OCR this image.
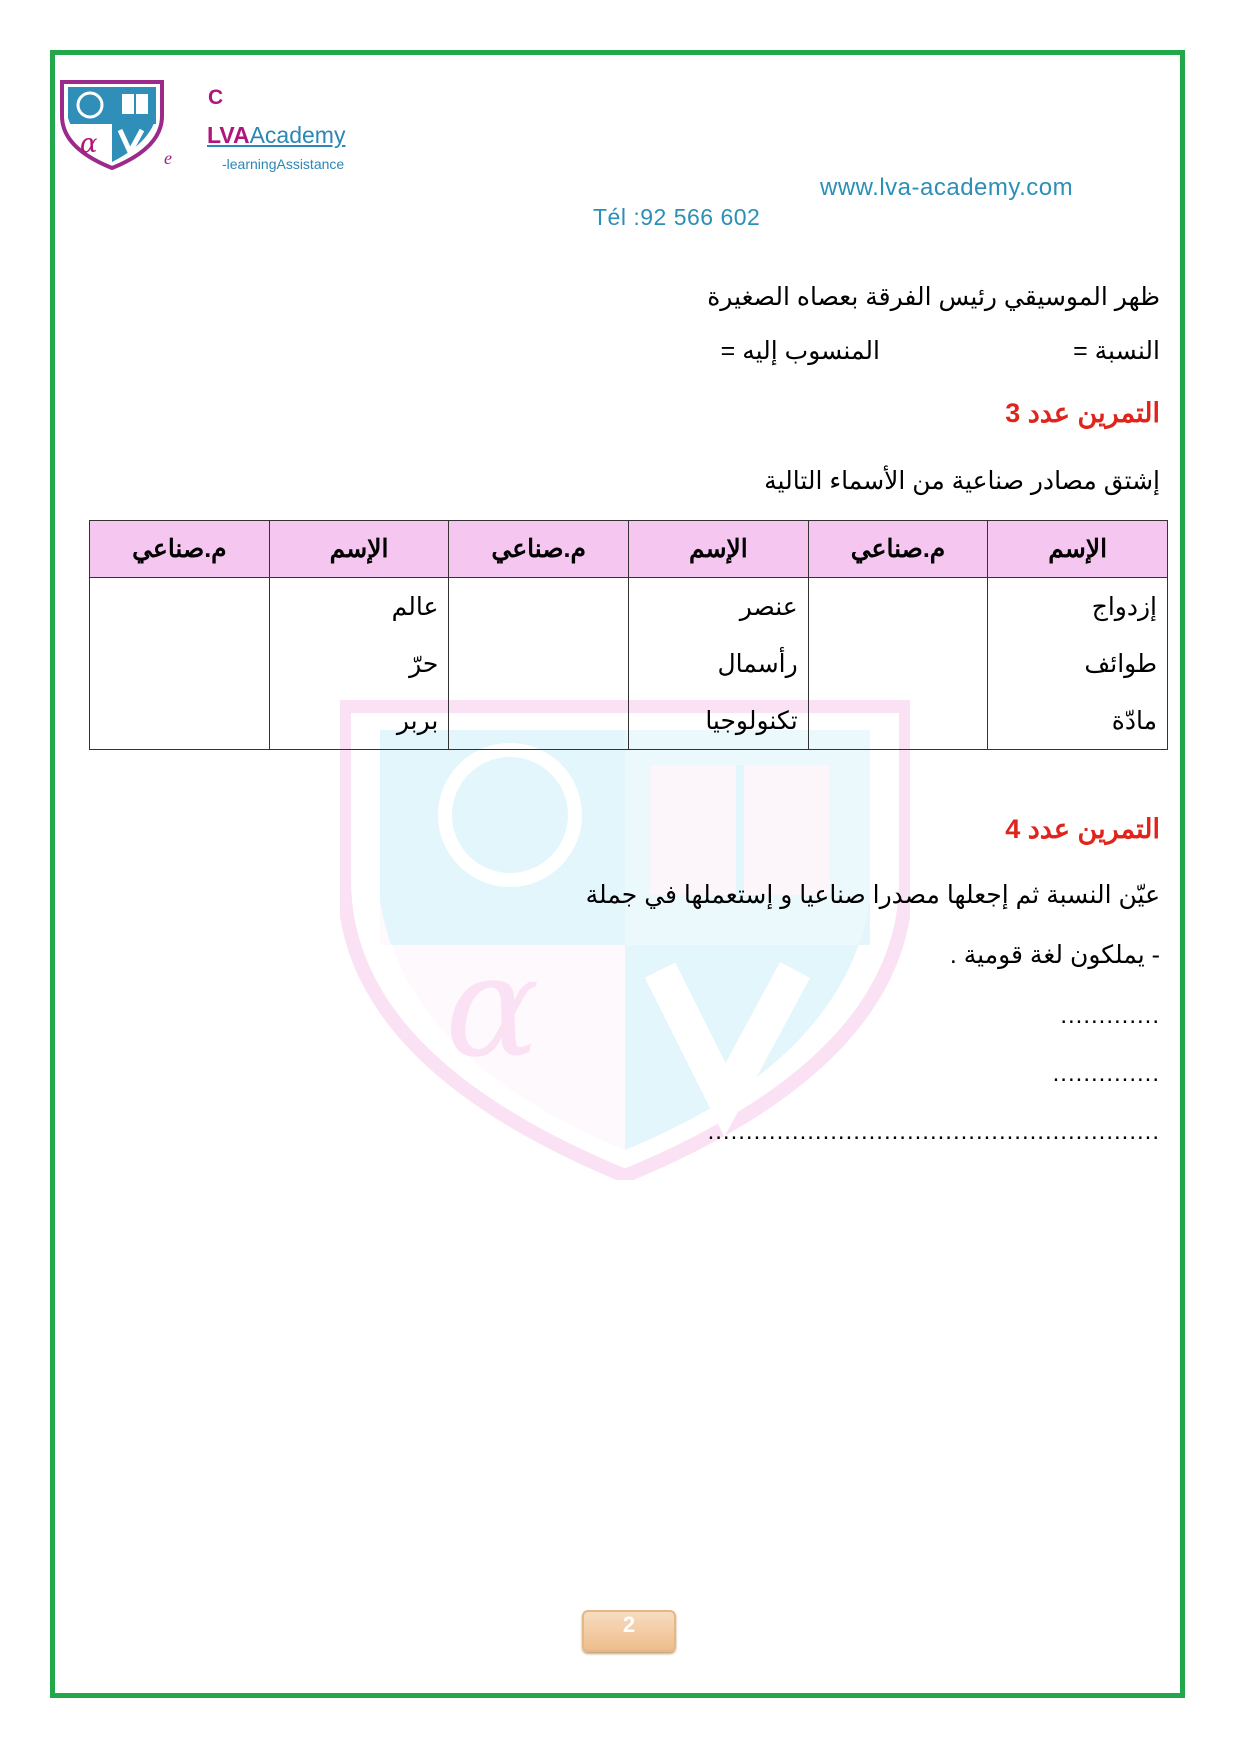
α
C
LVAAcademy
e	-learningAssistance
www.lva-academy.com
Tél :92 566 602
α
ظهر الموسيقي رئيس الفرقة بعصاه الصغيرة
النسبة =
المنسوب إليه =
التمرين عدد 3
إشتق مصادر صناعية من الأسماء التالية
الإسم	م.صناعي	الإسم	م.صناعي	الإسم	م.صناعي
إزدواج		عنصر		عالم	
طوائف		رأسمال		حرّ	
مادّة		تكنولوجيا		بربر	
التمرين عدد 4
عيّن النسبة ثم إجعلها مصدرا صناعيا و إستعملها في جملة
- يملكون لغة قومية .
.............
..............
...........................................................
2
